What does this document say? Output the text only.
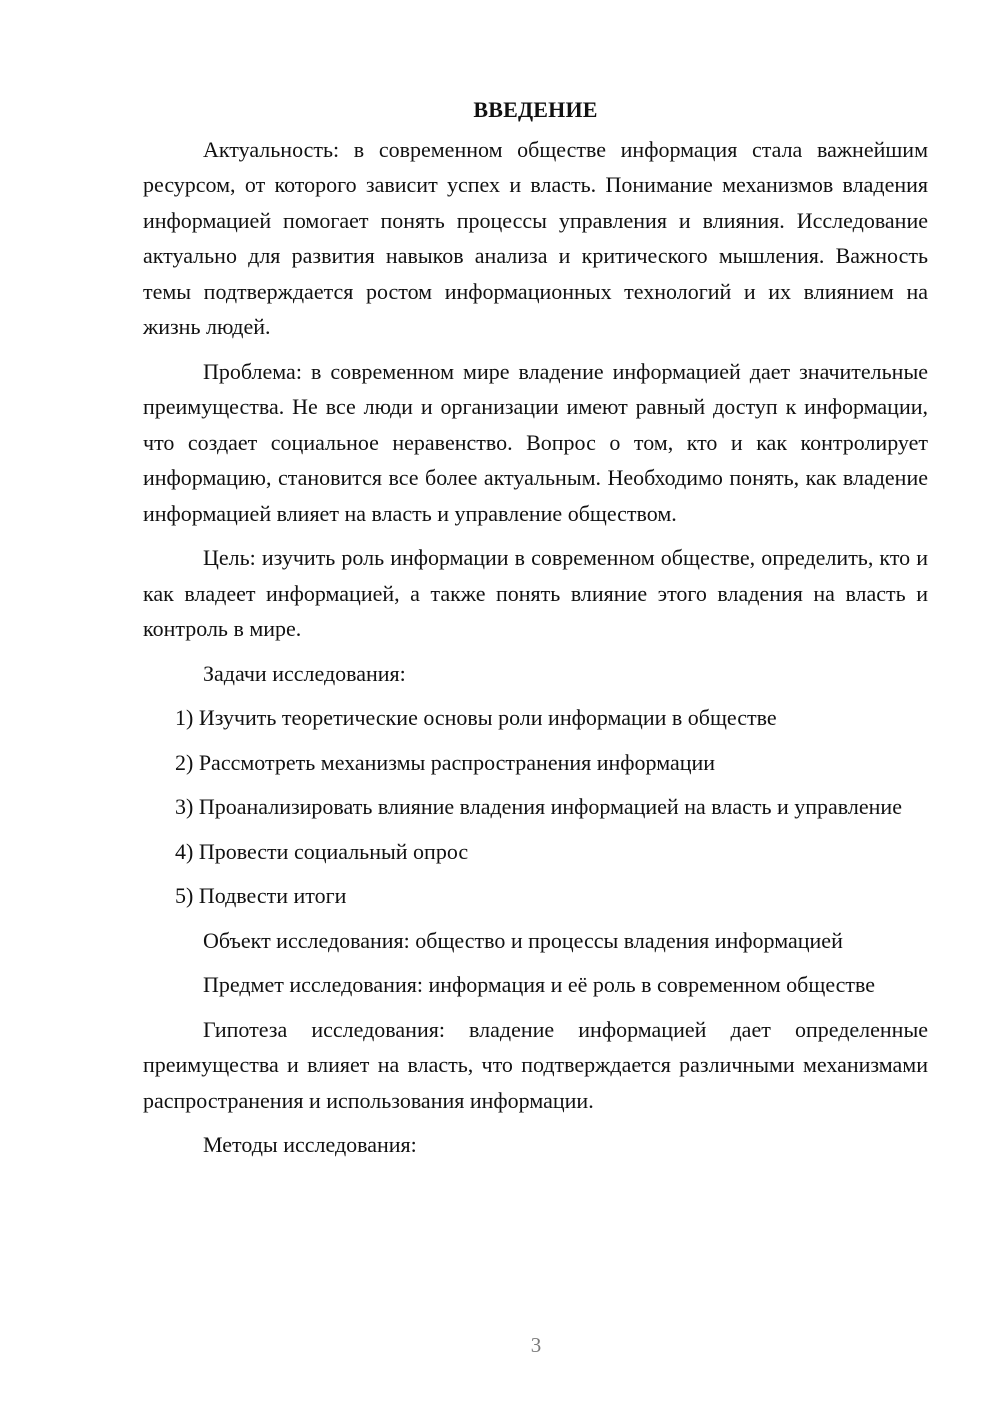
ВВЕДЕНИЕ

Актуальность: в современном обществе информация стала важнейшим ресурсом, от которого зависит успех и власть. Понимание механизмов владения информацией помогает понять процессы управления и влияния. Исследование актуально для развития навыков анализа и критического мышления. Важность темы подтверждается ростом информационных технологий и их влиянием на жизнь людей.

Проблема: в современном мире владение информацией дает значительные преимущества. Не все люди и организации имеют равный доступ к информации, что создает социальное неравенство. Вопрос о том, кто и как контролирует информацию, становится все более актуальным. Необходимо понять, как владение информацией влияет на власть и управление обществом.

Цель: изучить роль информации в современном обществе, определить, кто и как владеет информацией, а также понять влияние этого владения на власть и контроль в мире.

Задачи исследования:

1) Изучить теоретические основы роли информации в обществе

2) Рассмотреть механизмы распространения информации

3) Проанализировать влияние владения информацией на власть и управление

4) Провести социальный опрос

5) Подвести итоги

Объект исследования: общество и процессы владения информацией

Предмет исследования: информация и её роль в современном обществе

Гипотеза исследования: владение информацией дает определенные преимущества и влияет на власть, что подтверждается различными механизмами распространения и использования информации.

Методы исследования:

3
